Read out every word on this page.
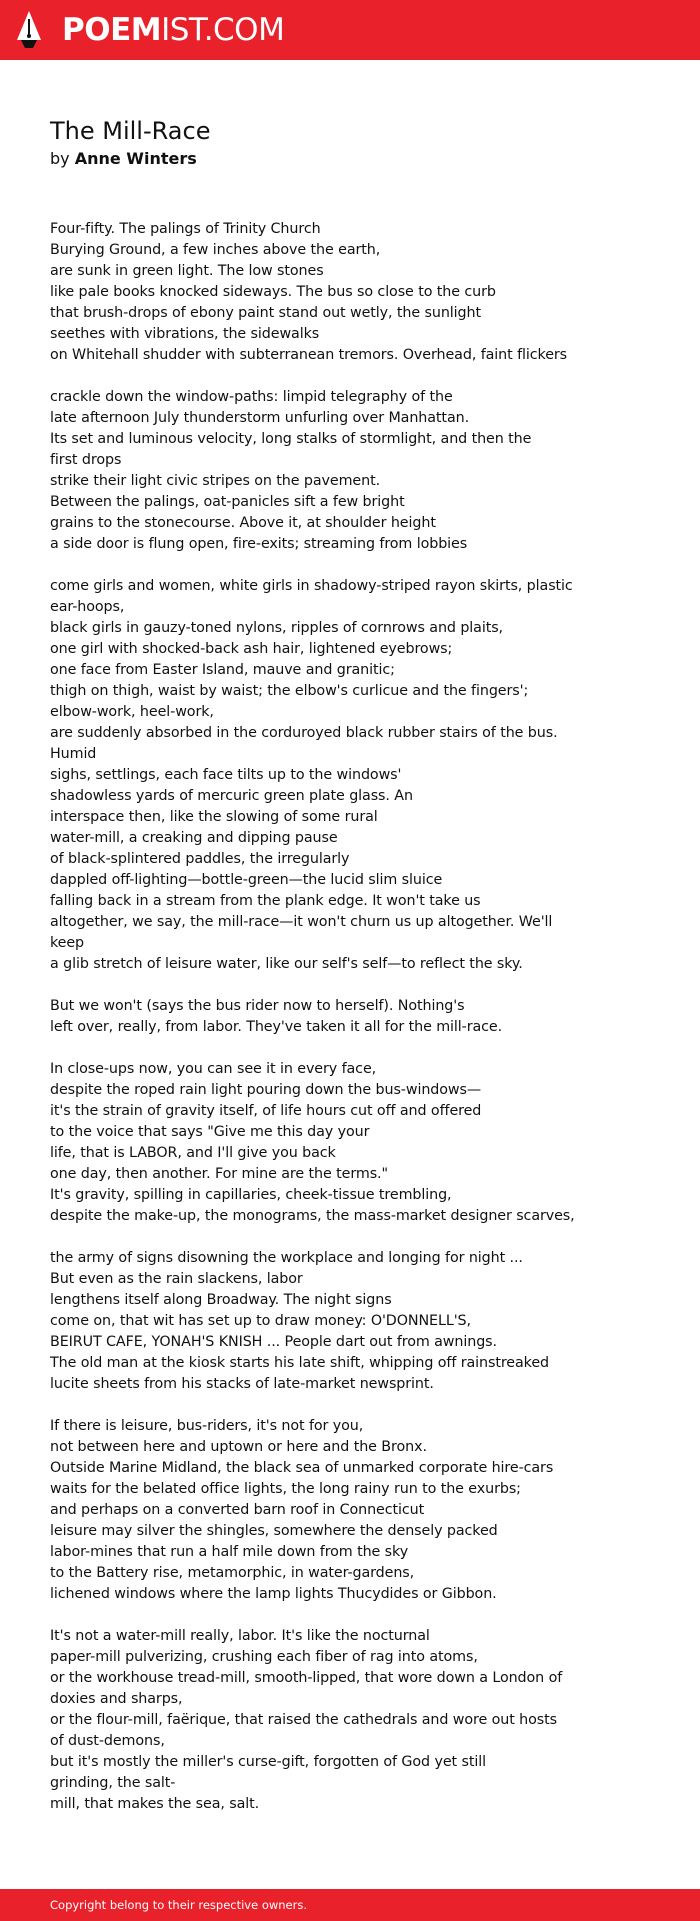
POEMIST.COM
The Mill-Race
by Anne Winters
Four-fifty. The palings of Trinity Church
Burying Ground, a few inches above the earth,
are sunk in green light. The low stones
like pale books knocked sideways. The bus so close to the curb
that brush-drops of ebony paint stand out wetly, the sunlight
seethes with vibrations, the sidewalks
on Whitehall shudder with subterranean tremors. Overhead, faint flickers
crackle down the window-paths: limpid telegraphy of the
late afternoon July thunderstorm unfurling over Manhattan.
Its set and luminous velocity, long stalks of stormlight, and then the
first drops
strike their light civic stripes on the pavement.
Between the palings, oat-panicles sift a few bright
grains to the stonecourse. Above it, at shoulder height
a side door is flung open, fire-exits; streaming from lobbies
come girls and women, white girls in shadowy-striped rayon skirts, plastic
ear-hoops,
black girls in gauzy-toned nylons, ripples of cornrows and plaits,
one girl with shocked-back ash hair, lightened eyebrows;
one face from Easter Island, mauve and granitic;
thigh on thigh, waist by waist; the elbow's curlicue and the fingers';
elbow-work, heel-work,
are suddenly absorbed in the corduroyed black rubber stairs of the bus.
Humid
sighs, settlings, each face tilts up to the windows'
shadowless yards of mercuric green plate glass. An
interspace then, like the slowing of some rural
water-mill, a creaking and dipping pause
of black-splintered paddles, the irregularly
dappled off-lighting—bottle-green—the lucid slim sluice
falling back in a stream from the plank edge. It won't take us
altogether, we say, the mill-race—it won't churn us up altogether. We'll
keep
a glib stretch of leisure water, like our self's self—to reflect the sky.
But we won't (says the bus rider now to herself). Nothing's
left over, really, from labor. They've taken it all for the mill-race.
In close-ups now, you can see it in every face,
despite the roped rain light pouring down the bus-windows—
it's the strain of gravity itself, of life hours cut off and offered
to the voice that says "Give me this day your
life, that is LABOR, and I'll give you back
one day, then another. For mine are the terms."
It's gravity, spilling in capillaries, cheek-tissue trembling,
despite the make-up, the monograms, the mass-market designer scarves,
the army of signs disowning the workplace and longing for night ...
But even as the rain slackens, labor
lengthens itself along Broadway. The night signs
come on, that wit has set up to draw money: O'DONNELL'S,
BEIRUT CAFE, YONAH'S KNISH ... People dart out from awnings.
The old man at the kiosk starts his late shift, whipping off rainstreaked
lucite sheets from his stacks of late-market newsprint.
If there is leisure, bus-riders, it's not for you,
not between here and uptown or here and the Bronx.
Outside Marine Midland, the black sea of unmarked corporate hire-cars
waits for the belated office lights, the long rainy run to the exurbs;
and perhaps on a converted barn roof in Connecticut
leisure may silver the shingles, somewhere the densely packed
labor-mines that run a half mile down from the sky
to the Battery rise, metamorphic, in water-gardens,
lichened windows where the lamp lights Thucydides or Gibbon.
It's not a water-mill really, labor. It's like the nocturnal
paper-mill pulverizing, crushing each fiber of rag into atoms,
or the workhouse tread-mill, smooth-lipped, that wore down a London of
doxies and sharps,
or the flour-mill, faërique, that raised the cathedrals and wore out hosts
of dust-demons,
but it's mostly the miller's curse-gift, forgotten of God yet still
grinding, the salt-
mill, that makes the sea, salt.
Copyright belong to their respective owners.
